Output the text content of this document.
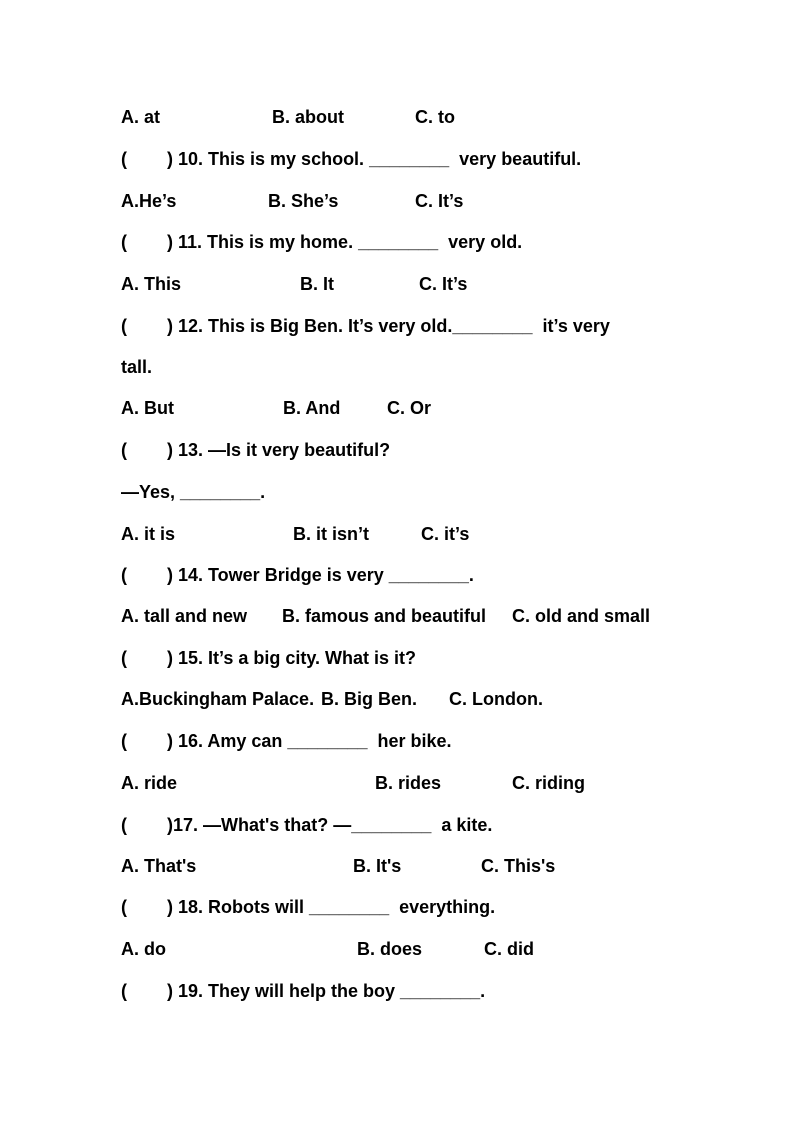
A. at	B. about	C. to
(        ) 10. This is my school. ________  very beautiful.
A.He’s	B. She’s	C. It’s
(        ) 11. This is my home. ________  very old.
A. This	B. It	C. It’s
(        ) 12. This is Big Ben. It’s very old.________  it’s very
tall.
A. But	B. And	C. Or
(        ) 13. —Is it very beautiful?
—Yes, ________.
A. it is	B. it isn’t	C. it’s
(        ) 14. Tower Bridge is very ________.
A. tall and new B. famous and beautiful C. old and small
(        ) 15. It’s a big city. What is it?
A.Buckingham Palace. B. Big Ben. C. London.
(        ) 16. Amy can ________  her bike.
A. ride	B. rides	C. riding
(        )17. —What's that? —________  a kite.
A. That's	B. It's	C. This's
(        ) 18. Robots will ________  everything.
A. do	B. does	C. did
(        ) 19. They will help the boy ________.
